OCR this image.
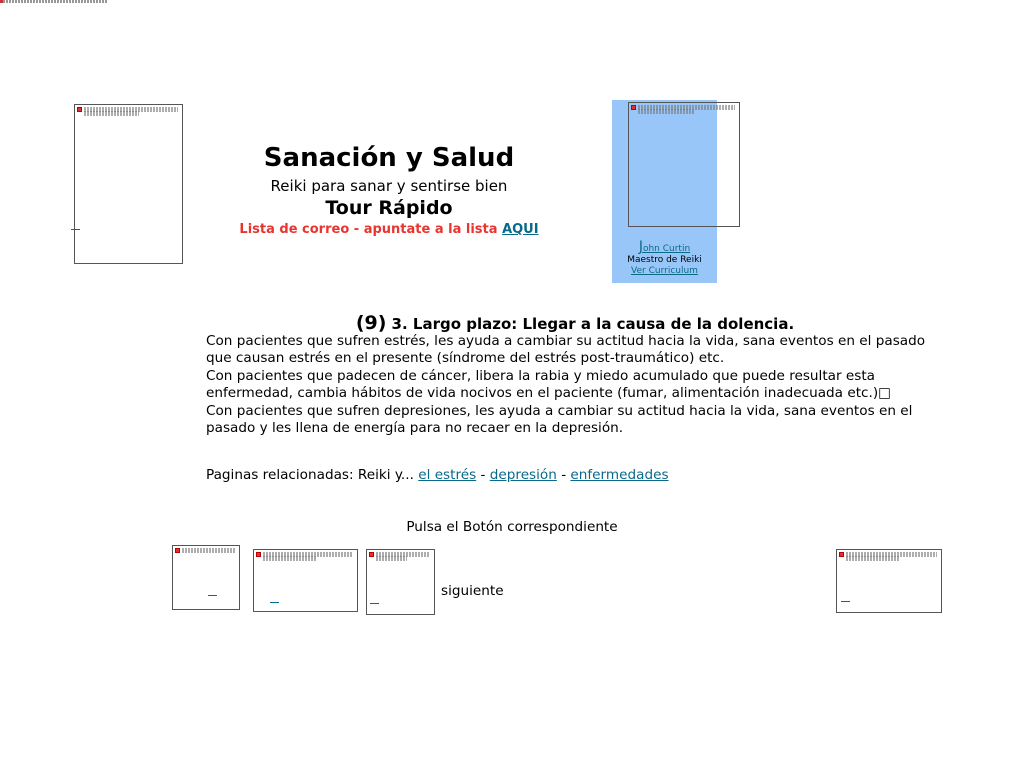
Sanación y Salud
Reiki para sanar y sentirse bien
Tour Rápido
Lista de correo - apuntate a la lista AQUI
John Curtin
Maestro de Reiki
Ver Curriculum
(9) 3. Largo plazo: Llegar a la causa de la dolencia.

Con pacientes que sufren estrés, les ayuda a cambiar su actitud hacia la vida, sana eventos en el pasado que causan estrés en el presente (síndrome del estrés post-traumático) etc.

Con pacientes que padecen de cáncer, libera la rabia y miedo acumulado que puede resultar esta enfermedad, cambia hábitos de vida nocivos en el paciente (fumar, alimentación inadecuada etc.)□

Con pacientes que sufren depresiones, les ayuda a cambiar su actitud hacia la vida, sana eventos en el pasado y les llena de energía para no recaer en la depresión.

Paginas relacionadas: Reiki y... el estrés - depresión - enfermedades
Pulsa el Botón correspondiente
siguiente
